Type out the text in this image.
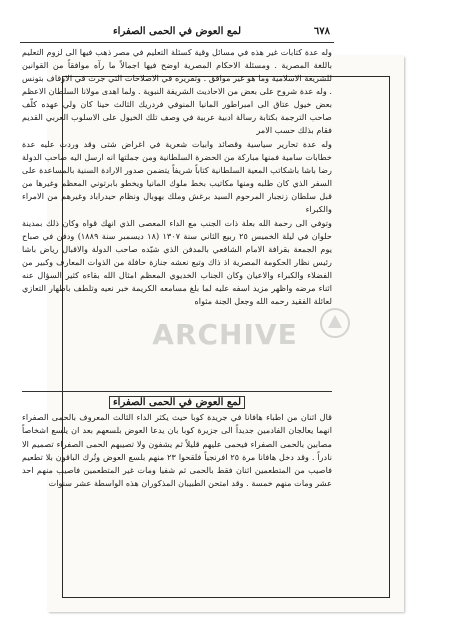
٦٧٨
لمع العوض في الحمى الصفراء

وله عدة كتابات غير هذه في مسائل وقية كسئلة التعليم في مصر ذهب فيها الى لزوم التعليم باللغة المصرية . ومسئلة الاحكام المصرية اوضح فيها اجمالاً ما رآه موافقاً من القوانين للشريعة الاسلامية وما هو غير موافق . وتقريره في الاصلاحات التي جرت في الاوقاف بتونس . وله عدة شروح على بعض من الاحاديث الشريفة النبوية . ولما اهدى مولانا السلطان الاعظم بعض خيول عتاق الى امبراطور المانيا المنوفي فردريك الثالث حينا كان ولي عهده كلّف صاحب الترجمة بكتابة رسالة ادبية عربية في وصف تلك الخيول على الاسلوب العربي القديم فقام بذلك حسب الامر

وله عدة تحارير سياسية وقصائد وابيات شعرية في اغراض شتى وقد وردت عليه عدة خطابات سامية فمنها مباركة من الحضرة السلطانية ومن جملتها انه ارسل اليه صاحب الدولة رضا باشا باشكاتب المعية السلطانية كتاباً شريفاً يتضمن صدور الارادة السنية بالمساعدة على السفر الذي كان طلبه ومنها مكاتيب بخط ملوك المانيا ويخطو بابرتوني المعظم وغيرها من قبل سلطان زنجبار المرحوم السيد برغش وملك بهوبال ونظام حيدراباد وغيرهم من الامراء والكبراء

وتوفي الى رحمة الله بعلة ذات الجنب مع الداء المعصى الذي انهك قواه وكان ذلك بمدينة حلوان في ليلة الخميس ٢٥ ربيع الثاني سنة ١٣٠٧ (١٨ ديسمبر سنة ١٨٨٩) ودفن في صباح يوم الجمعة بقرافة الامام الشافعي بالمدفن الذي شيّده صاحب الدولة والاقبال رياض باشا رئيس نظار الحكومة المصرية اذ ذاك وتبع نعشه جنازة حافلة من الذوات المعارف وكبير من الفضلاء والكبراء والاعيان وكان الجناب الخديوي المعظم امثال الله بقاءه كثير السؤال عنه اثناء مرضه واظهر مزيد اسفه عليه لما بلغ مسامعه الكريمة خبر نعيه وتلطف باظهار التعازي لعائلة الفقيد رحمه الله وجعل الجنة مثواه

لمع العوض في الحمى الصفراء

قال اثنان من اطباء هافانا في جريدة كوبا حيث يكثر الداء الثالث المعروف بالحمى الصفراء انهما يعالجان الفادمين جديداً الى جزيرة كوبا بان يدعا العوض بلسعهم بعد ان يلسع اشخاصاً مصابين بالحمى الصفراء فيحمى عليهم قليلاً ثم يشفون ولا تصيبهم الحمى الصفراء تصميم الا نادراً . وقد دخل هافانا مرة ٢٥ افرنجياً فلقحوا ٢٣ منهم بلسع العوض وتُرك الباقون بلا تطعيم فاصيب من المتطعمين اثنان فقط بالحمى ثم شفيا ومات غير المتطعمين فاصيب منهم احد عشر ومات منهم خمسة . وقد امتحن الطبيبان المذكوران هذه الواسطة عشر سنوات

ARCHIVE
